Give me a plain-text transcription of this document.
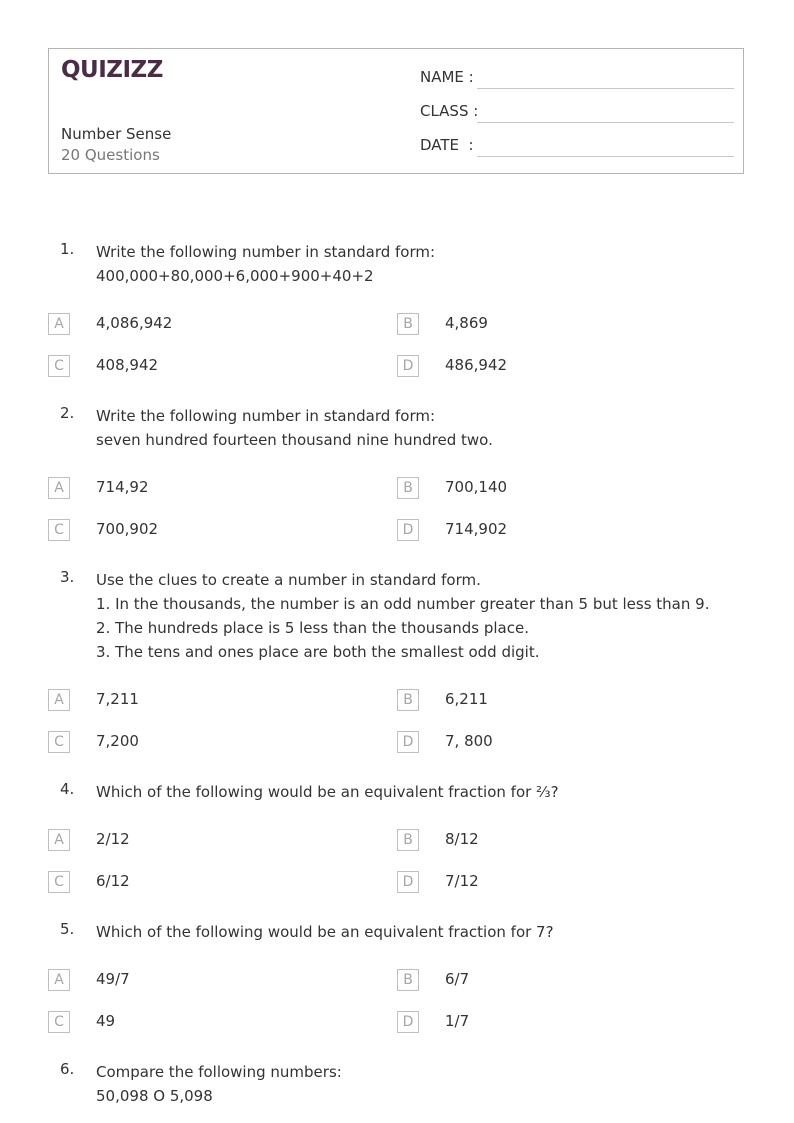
QUIZIZZ
Number Sense
20 Questions
NAME :
CLASS :
DATE  :
1. Write the following number in standard form:
400,000+80,000+6,000+900+40+2
A	4,086,942	B	4,869
C	408,942	D	486,942
2. Write the following number in standard form:
seven hundred fourteen thousand nine hundred two.
A	714,92	B	700,140
C	700,902	D	714,902
3. Use the clues to create a number in standard form.
1. In the thousands, the number is an odd number greater than 5 but less than 9.
2. The hundreds place is 5 less than the thousands place.
3. The tens and ones place are both the smallest odd digit.
A	7,211	B	6,211
C	7,200	D	7, 800
4. Which of the following would be an equivalent fraction for ⅔?
A	2/12	B	8/12
C	6/12	D	7/12
5. Which of the following would be an equivalent fraction for 7?
A	49/7	B	6/7
C	49	D	1/7
6. Compare the following numbers:
50,098 O 5,098
